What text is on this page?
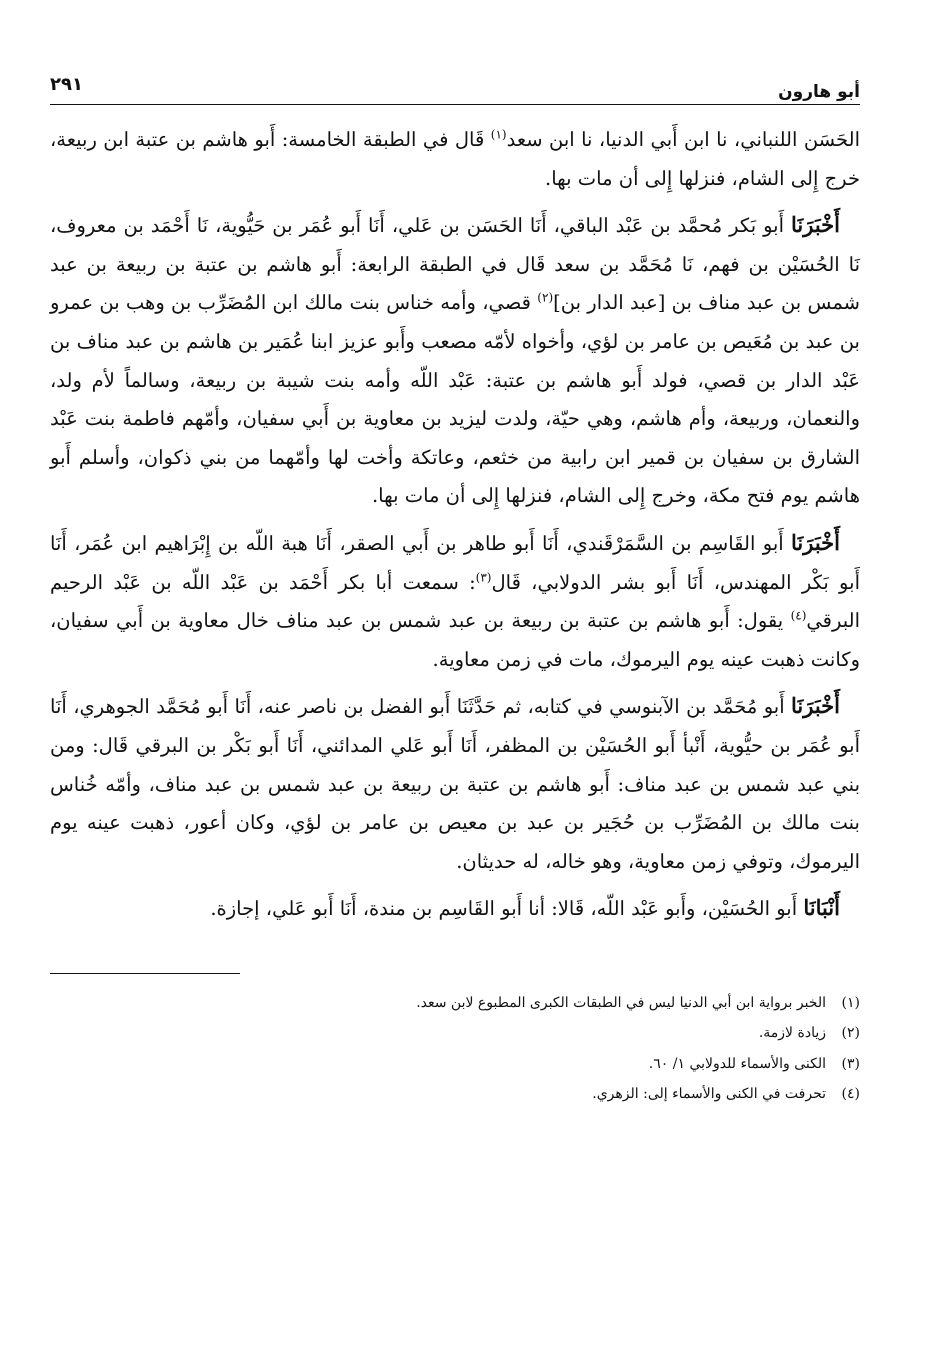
أبو هارون
٢٩١

الحَسَن اللنباني، نا ابن أَبي الدنيا، نا ابن سعد$^{(١)}$ قَال في الطبقة الخامسة: أَبو هاشم بن عتبة ابن ربيعة، خرج إِلى الشام، فنزلها إِلى أن مات بها.

أَخْبَرَنَا أَبو بَكر مُحمَّد بن عَبْد الباقي، أَنَا الحَسَن بن عَلي، أَنَا أَبو عُمَر بن حَيُّوية، نَا أَحْمَد بن معروف، نَا الحُسَيْن بن فهم، نَا مُحَمَّد بن سعد قَال في الطبقة الرابعة: أَبو هاشم بن عتبة بن ربيعة بن عبد شمس بن عبد مناف بن [عبد الدار بن]$^{(٢)}$ قصي، وأمه خناس بنت مالك ابن المُضَرِّب بن وهب بن عمرو بن عبد بن مُعَيص بن عامر بن لؤي، وأخواه لأمّه مصعب وأَبو عزيز ابنا عُمَير بن هاشم بن عبد مناف بن عَبْد الدار بن قصي، فولد أَبو هاشم بن عتبة: عَبْد اللّه وأمه بنت شيبة بن ربيعة، وسالماً لأم ولد، والنعمان، وربيعة، وأم هاشم، وهي حيّة، ولدت ليزيد بن معاوية بن أَبي سفيان، وأمّهم فاطمة بنت عَبْد الشارق بن سفيان بن قمير ابن رابية من خثعم، وعاتكة وأخت لها وأمّهما من بني ذكوان، وأسلم أَبو هاشم يوم فتح مكة، وخرج إِلى الشام، فنزلها إِلى أن مات بها.

أَخْبَرَنَا أَبو القَاسِم بن السَّمَرْقَندي، أَنَا أَبو طاهر بن أَبي الصقر، أَنَا هبة اللّه بن إِبْرَاهيم ابن عُمَر، أَنَا أَبو بَكْر المهندس، أَنَا أَبو بشر الدولابي، قَال$^{(٣)}$: سمعت أبا بكر أَحْمَد بن عَبْد اللّه بن عَبْد الرحيم البرقي$^{(٤)}$ يقول: أَبو هاشم بن عتبة بن ربيعة بن عبد شمس بن عبد مناف خال معاوية بن أَبي سفيان، وكانت ذهبت عينه يوم اليرموك، مات في زمن معاوية.

أَخْبَرَنَا أَبو مُحَمَّد بن الآبنوسي في كتابه، ثم حَدَّثَنَا أَبو الفضل بن ناصر عنه، أَنَا أَبو مُحَمَّد الجوهري، أَنَا أَبو عُمَر بن حيُّوية، أَنْبأ أَبو الحُسَيْن بن المظفر، أَنَا أَبو عَلي المدائني، أَنَا أَبو بَكْر بن البرقي قَال: ومن بني عبد شمس بن عبد مناف: أَبو هاشم بن عتبة بن ربيعة بن عبد شمس بن عبد مناف، وأمّه خُناس بنت مالك بن المُضَرِّب بن حُجَير بن عبد بن معيص بن عامر بن لؤي، وكان أعور، ذهبت عينه يوم اليرموك، وتوفي زمن معاوية، وهو خاله، له حديثان.

أَنْبَانَا أَبو الحُسَيْن، وأَبو عَبْد اللّه، قَالا: أنا أَبو القَاسِم بن مندة، أَنَا أَبو عَلي، إجازة.

(١)
الخبر برواية ابن أبي الدنيا ليس في الطبقات الكبرى المطبوع لابن سعد.
(٢)
زيادة لازمة.
(٣)
الكنى والأسماء للدولابي ١/ ٦٠.
(٤)
تحرفت في الكنى والأسماء إلى: الزهري.
